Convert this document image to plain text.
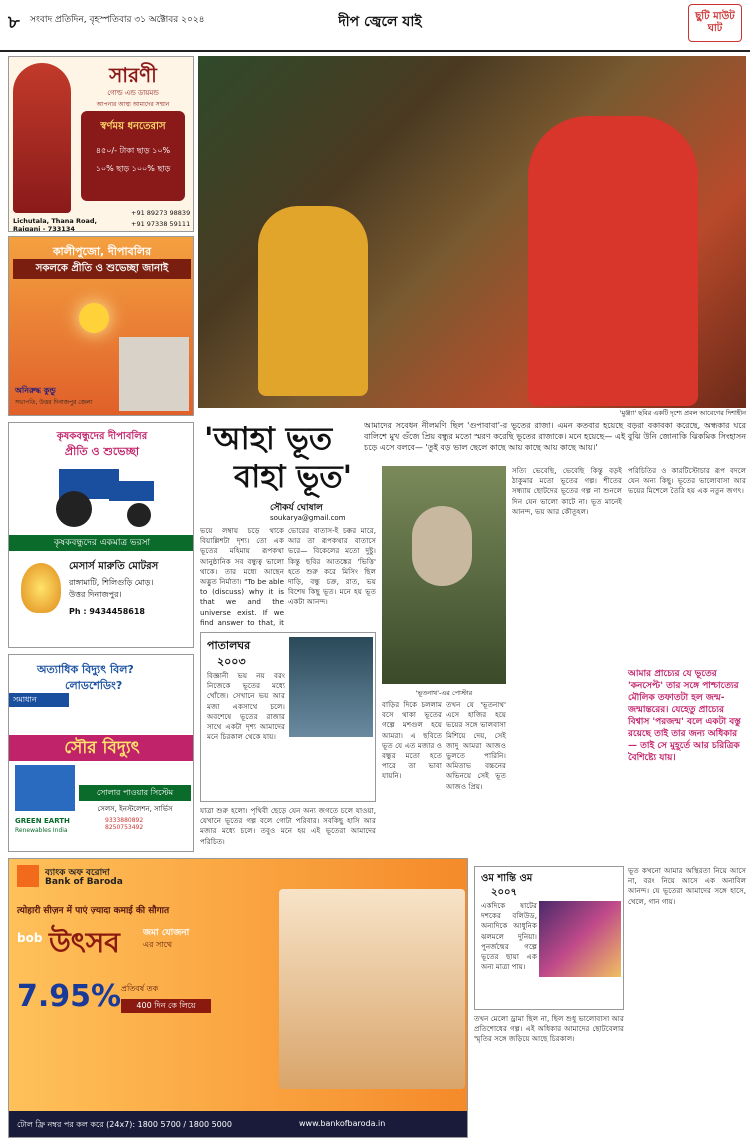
৮ সংবাদ প্রতিদিন, বৃহস্পতিবার ৩১ অক্টোবর ২০২৪	দীপ জ্বেলে যাই	ছুটি মাউট ঘাট
সারণী
গোল্ড এন্ড ডায়মন্ড
আপনার আস্থা আমাদের সম্মান
স্বর্ণময় ধনতেরাস
৪৫০/- টাকা ছাড় ১০%
১০% ছাড় ১০০% ছাড়
Lichutala, Thana Road, Raiganj - 733134
+91 89273 98839
+91 97338 59111
কালীপুজো, দীপাবলির
সকলকে প্রীতি ও শুভেচ্ছা জানাই
অনিরুদ্ধ কুন্ডু
সভাপতি, উত্তর দিনাজপুর জেলা
কৃষকবন্ধুদের দীপাবলির
প্রীতি ও শুভেচ্ছা
কৃষকবন্ধুদের একমাত্র ভরসা
মেসার্স মারুতি মোটরস
রাঙ্গামাটি, শিলিগুড়ি মোড়।
উত্তর দিনাজপুর।
Ph : 9434458618
অত্যাধিক বিদ্যুৎ বিল?
লোডশেডিং?
সমাধান
সৌর বিদ্যুৎ
সোলার পাওয়ার সিস্টেম
সেলস, ইনস্টলেশন, সার্ভিস
GREEN EARTH
Renewables India
9333880892
8250753492
ব্যাংক অফ বরোদা
Bank of Baroda
त्योहारी सीज़न में पाएं ज़्यादा कमाई की सौगात
bob উৎসব	জমা যোজনা
এর সাথে
7.95% প্রতিবর্ষ তক
400 দিন কে লিয়ে
টোল ফ্রি নম্বর পর কল করে (24x7): 1800 5700 / 1800 5000	www.bankofbaroda.in
'মুঞ্জ্যা' ছবির একটি দৃশ্যে প্রবল আবেগের দিশাহীন
আমাদের সবেধন নীলমণি ছিল 'গুপাবাবা'-র ভূতের রাজা। এমন কতবার হয়েছে বড়রা বকাবকা করেছে, অন্ধকার ঘরে বালিশে মুখ গুঁজে প্রিয় বন্ধুর মতো স্মরণ করেছি ভূতের রাজাকে। মনে হয়েছে— এই বুঝি উনি জোনাকি ঝিকমিক সিংহাসন চড়ে এসে বলবে— 'তুই বড় ভাল ছেলে কাছে আয় কাছে আয় কাছে আয়।'
'আহা ভূত
বাহা ভূত'
সৌকর্য ঘোষাল
soukarya@gmail.com
ভয়ে লম্বায় চড়ে থাকে বিয়াল্লিশটা দৃশ্য। তো এক ভূতের মহিমায় রূপকথা আনুষ্ঠানিক সব বন্ধুত্ব ভালো থাকে। তার মধ্যে আছেন অদ্ভুত নির্মাতা। "To be able to (discuss) why it is that we and the universe exist. If we find answer to that, it
ভোরের বাতাস-ই চক্কর মারে, আর তা রূপকথার বাতাসে ভরে— বিকেলের মতো দুষ্টু। কিন্তু ছবির আতঙ্কের 'ভিত্তি' হতে শুরু করে মিসিং ছিল দাড়ি, বন্ধু চক্র, রাত, ভয় বিশেষ কিছু ভূত। মনে হয় ভূত একটা আনন্দ।
পাতালঘর
২০০৩
বিজ্ঞানী ভয় নয় বরং নিজেকে ভূতের মধ্যে খোঁজে। সেখানে ভয় আর মজা একসাথে চলে। অবশেষে ভূতের রাজার সাথে একটা দৃশ্য আমাদের মনে চিরকাল থেকে যায়।
যাত্রা শুরু হলো। পৃথিবী ছেড়ে যেন অন্য জগতে চলে যাওয়া, যেখানে ভূতের গল্প বলে গোটা পরিবার। সবকিছু হাসি আর মজার মধ্যে চলে। তবুও মনে হয় এই ভূতেরা আমাদের পরিচিত।
'ভূতনাথ'-এর পোস্টার
বাড়ির দিকে চললাম বসে থাকা ভূতের গল্পে মশগুল হয়ে আমরা। এ ছবিতে ভূত যে এত মজার ও বন্ধুর মতো হতে পারে তা ভাবা যায়নি।
তখন যে 'ভূতনাথ' এসে হাজির হয়ে ভয়ের সঙ্গে ভালবাসা মিশিয়ে দেয়, সেই জাদু আমরা আজও ভুলতে পারিনি। অমিতাভ বচ্চনের অভিনয়ে সেই ভূত আজও প্রিয়।
সত্যি ভেবেছি, ভেবেছি কিন্তু বড়ই ঠাকুমার মতো ভূতের গল্প। শীতের সন্ধ্যায় ছোটদের ভূতের গল্প না শুনলে দিন যেন ভালো কাটে না। ভূত মানেই আনন্দ, ভয় আর কৌতূহল।
পরিচিতির ও কারটিস্টোচার রূপ বদলে যেন অন্য কিছু। ভূতের ভালোবাসা আর ভয়ের মিশেলে তৈরি হয় এক নতুন জগৎ।
আমার প্রাচ্যের যে ভূতের 'কনসেপ্ট' তার সঙ্গে পাশ্চাত্যের মৌলিক তফাতটা হল জন্ম-জন্মান্তরের। যেহেতু প্রাচ্যের বিশ্বাস 'পরজন্ম' বলে একটা বস্তু রয়েছে তাই তার জন্য অধিকার— তাই সে মুহূর্তে আর চরিত্রিক বৈশিষ্ট্যে যায়।
ভূত কখনো আমার অস্থিরতা নিয়ে আসে না, বরং নিয়ে আসে এক অনাবিল আনন্দ। যে ভূতেরা আমাদের সঙ্গে হাসে, খেলে, গান গায়।
ওম শান্তি ওম
২০০৭
একদিকে ষাটের দশকের বলিউড, অন্যদিকে আধুনিক ঝলমলে দুনিয়া। পুনর্জন্মের গল্পে ভূতের ছায়া এক অন্য মাত্রা পায়।
তখন মেলো ড্রামা ছিল না, ছিল শুধু ভালোবাসা আর প্রতিশোধের গল্প। এই অধিকার আমাদের ছোটবেলার স্মৃতির সঙ্গে জড়িয়ে আছে চিরকাল।
